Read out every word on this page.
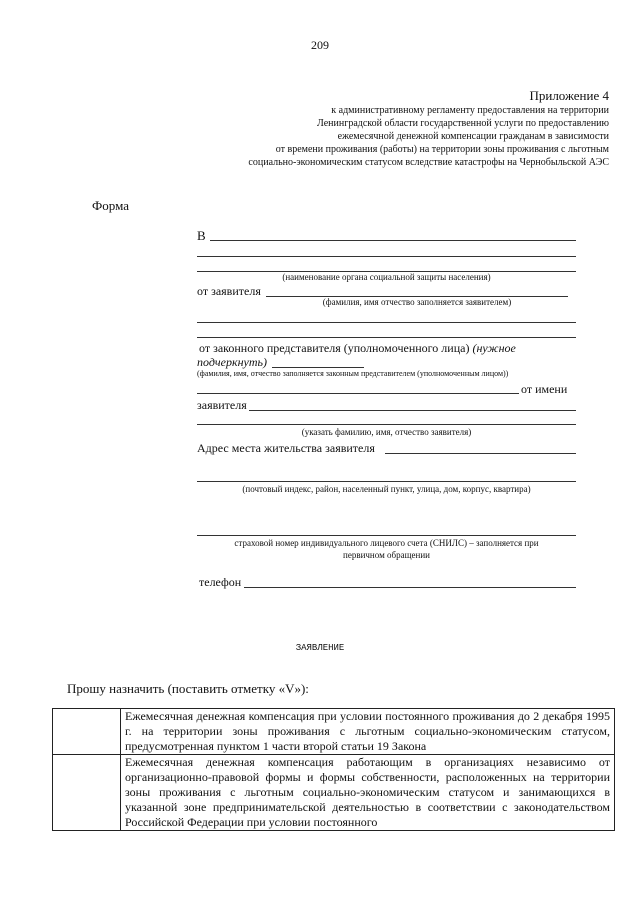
209
Приложение 4
к административному регламенту предоставления на территории
Ленинградской области государственной услуги по предоставлению
ежемесячной денежной компенсации гражданам в зависимости
от времени проживания (работы) на территории зоны проживания с льготным
социально-экономическим статусом вследствие катастрофы на Чернобыльской АЭС
Форма
В
(наименование органа социальной защиты населения)
от заявителя
(фамилия, имя отчество заполняется заявителем)
от законного представителя (уполномоченного лица) (нужное
подчеркнуть)
(фамилия, имя, отчество заполняется законным представителем (уполномоченным лицом))
от имени
заявителя
(указать фамилию, имя, отчество заявителя)
Адрес места жительства заявителя
(почтовый индекс, район, населенный пункт, улица, дом, корпус, квартира)
страховой номер индивидуального лицевого счета (СНИЛС) – заполняется при
первичном обращении
телефон
ЗАЯВЛЕНИЕ
Прошу назначить (поставить отметку «V»):
	Ежемесячная денежная компенсация при условии постоянного проживания до 2 декабря 1995 г. на территории зоны проживания с льготным социально-экономическим статусом, предусмотренная пунктом 1 части второй статьи 19 Закона
	Ежемесячная денежная компенсация работающим в организациях независимо от организационно-правовой формы и формы собственности, расположенных на территории зоны проживания с льготным социально-экономическим статусом и занимающихся в указанной зоне предпринимательской деятельностью в соответствии с законодательством Российской Федерации при условии постоянного
